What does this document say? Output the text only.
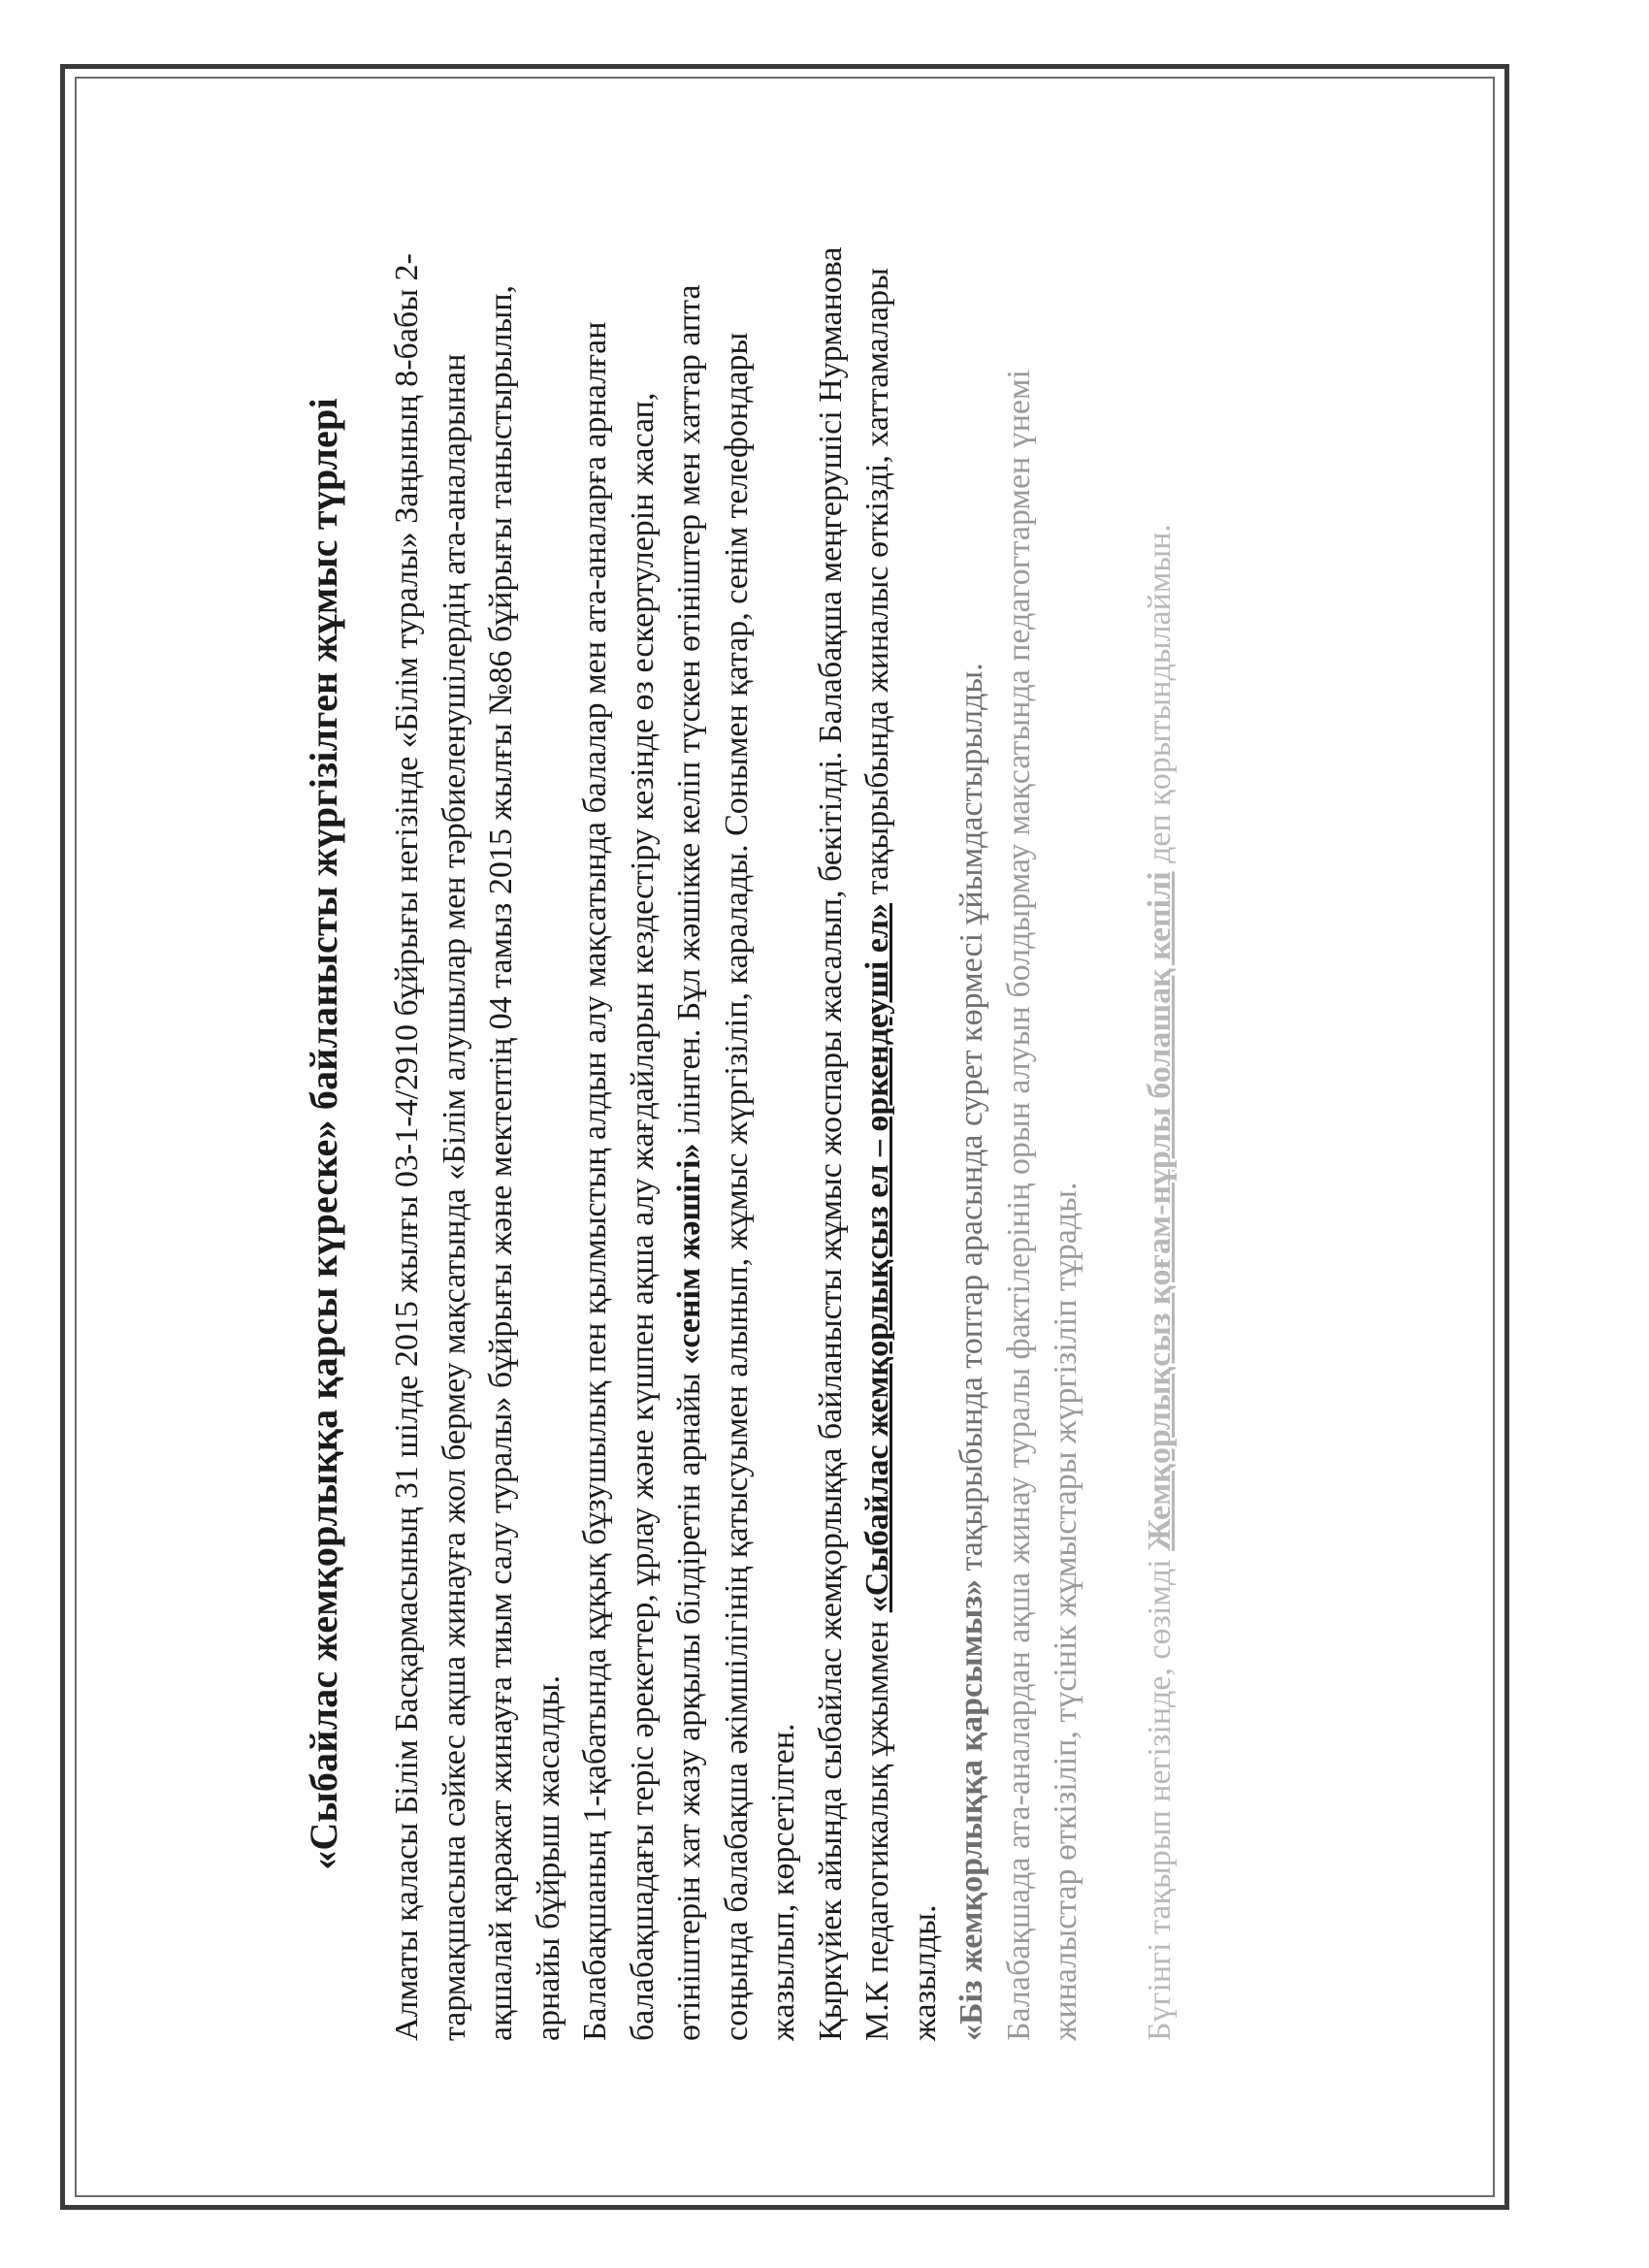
«Сыбайлас жемқорлыққа қарсы күреске» байланысты жүргізілген жұмыс түрлері Алматы қаласы Білім Басқармасының 31 шілде 2015 жылғы 03-1-4/2910 бұйрығы негізінде «Білім туралы» Заңының 8-бабы 2- тармақшасына сәйкес ақша жинауға жол бермеу мақсатында «Білім алушылар мен тәрбиеленушілердің ата-аналарынан ақшалай қаражат жинауға тиым салу туралы» бұйрығы және мектептің 04 тамыз 2015 жылғы №86 бұйрығы таныстырылып, арнайы бұйрыш жасалды. Балабақшаның 1-қабатында құқық бұзушылық пен қылмыстың алдын алу мақсатында балалар мен ата-аналарға арналған балабақшадағы теріс әрекеттер, ұрлау және күшпен ақша алу жағдайларын кездестіру кезінде өз ескертулерін жасап, өтініштерін хат жазу арқылы білдіретін арнайы «сенім жәшігі» ілінген. Бұл жәшікке келіп түскен өтініштер мен хаттар апта соңында балабақша әкімшілігінің қатысуымен алынып, жұмыс жүргізіліп, каралады. Сонымен қатар, сенім телефондары жазылып, көрсетілген. Қыркүйек айында сыбайлас жемқорлыққа байланысты жұмыс жоспары жасалып, бекітілді. Балабақша меңгерушісі Нурманова М.К педагогикалық ұжыммен «Сыбайлас жемқорлықсыз ел – өркендеуші ел» тақырыбында жиналыс өткізді, хаттамалары жазылды. «Біз жемқорлыққа қарсымыз» тақырыбында топтар арасында сурет көрмесі ұйымдастырылды. Балабақшада ата-аналардан ақша жинау туралы фактілерінің орын алуын болдырмау мақсатында педагогтармен үнемі жиналыстар өткізіліп, түсінік жұмыстары жүргізіліп тұрады. Бүгінгі тақырып негізінде, сөзімді Жемқорлықсыз қоғам-нұрлы болашақ кепілі деп қорытындылаймын.
